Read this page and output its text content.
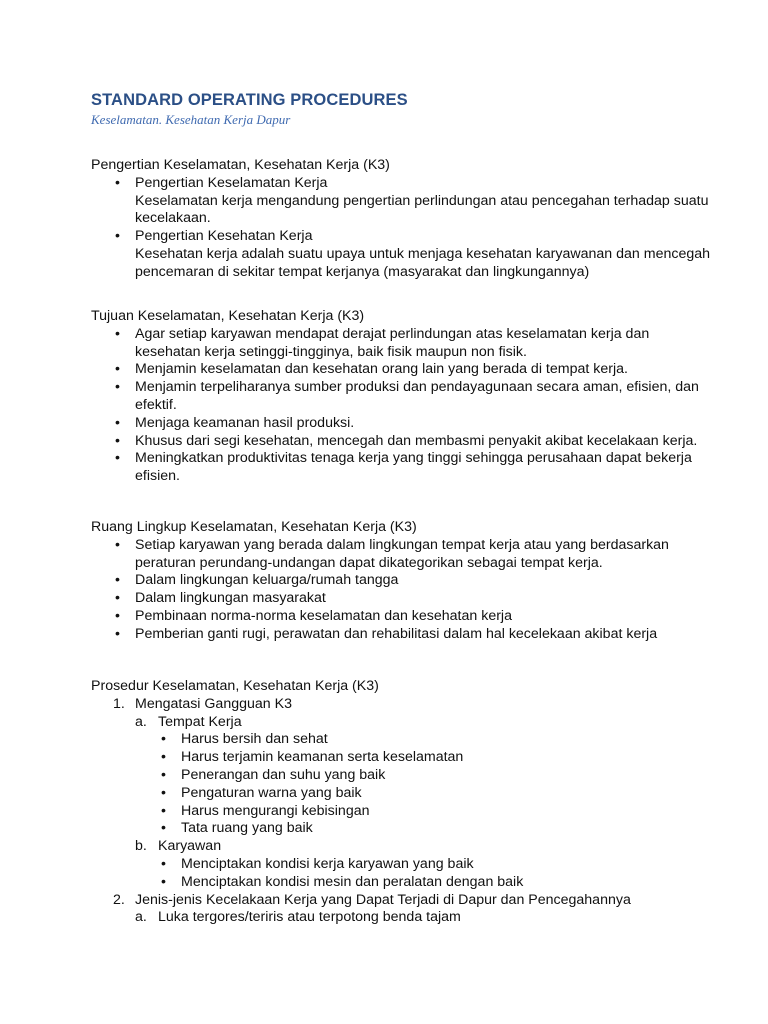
STANDARD OPERATING PROCEDURES
Keselamatan. Kesehatan Kerja Dapur
Pengertian Keselamatan, Kesehatan Kerja (K3)
• Pengertian Keselamatan Kerja
Keselamatan kerja mengandung pengertian perlindungan atau pencegahan terhadap suatu kecelakaan.
• Pengertian Kesehatan Kerja
Kesehatan kerja adalah suatu upaya untuk menjaga kesehatan karyawanan dan mencegah pencemaran di sekitar tempat kerjanya (masyarakat dan lingkungannya)
Tujuan Keselamatan, Kesehatan Kerja (K3)
• Agar setiap karyawan mendapat derajat perlindungan atas keselamatan kerja dan kesehatan kerja setinggi-tingginya, baik fisik maupun non fisik.
• Menjamin keselamatan dan kesehatan orang lain yang berada di tempat kerja.
• Menjamin terpeliharanya sumber produksi dan pendayagunaan secara aman, efisien, dan efektif.
• Menjaga keamanan hasil produksi.
• Khusus dari segi kesehatan, mencegah dan membasmi penyakit akibat kecelakaan kerja.
• Meningkatkan produktivitas tenaga kerja yang tinggi sehingga perusahaan dapat bekerja efisien.
Ruang Lingkup Keselamatan, Kesehatan Kerja (K3)
• Setiap karyawan yang berada dalam lingkungan tempat kerja atau yang berdasarkan peraturan perundang-undangan dapat dikategorikan sebagai tempat kerja.
• Dalam lingkungan keluarga/rumah tangga
• Dalam lingkungan masyarakat
• Pembinaan norma-norma keselamatan dan kesehatan kerja
• Pemberian ganti rugi, perawatan dan rehabilitasi dalam hal kecelekaan akibat kerja
Prosedur Keselamatan, Kesehatan Kerja (K3)
1. Mengatasi Gangguan K3
a. Tempat Kerja
• Harus bersih dan sehat
• Harus terjamin keamanan serta keselamatan
• Penerangan dan suhu yang baik
• Pengaturan warna yang baik
• Harus mengurangi kebisingan
• Tata ruang yang baik
b. Karyawan
• Menciptakan kondisi kerja karyawan yang baik
• Menciptakan kondisi mesin dan peralatan dengan baik
2. Jenis-jenis Kecelakaan Kerja yang Dapat Terjadi di Dapur dan Pencegahannya
a. Luka tergores/teriris atau terpotong benda tajam
